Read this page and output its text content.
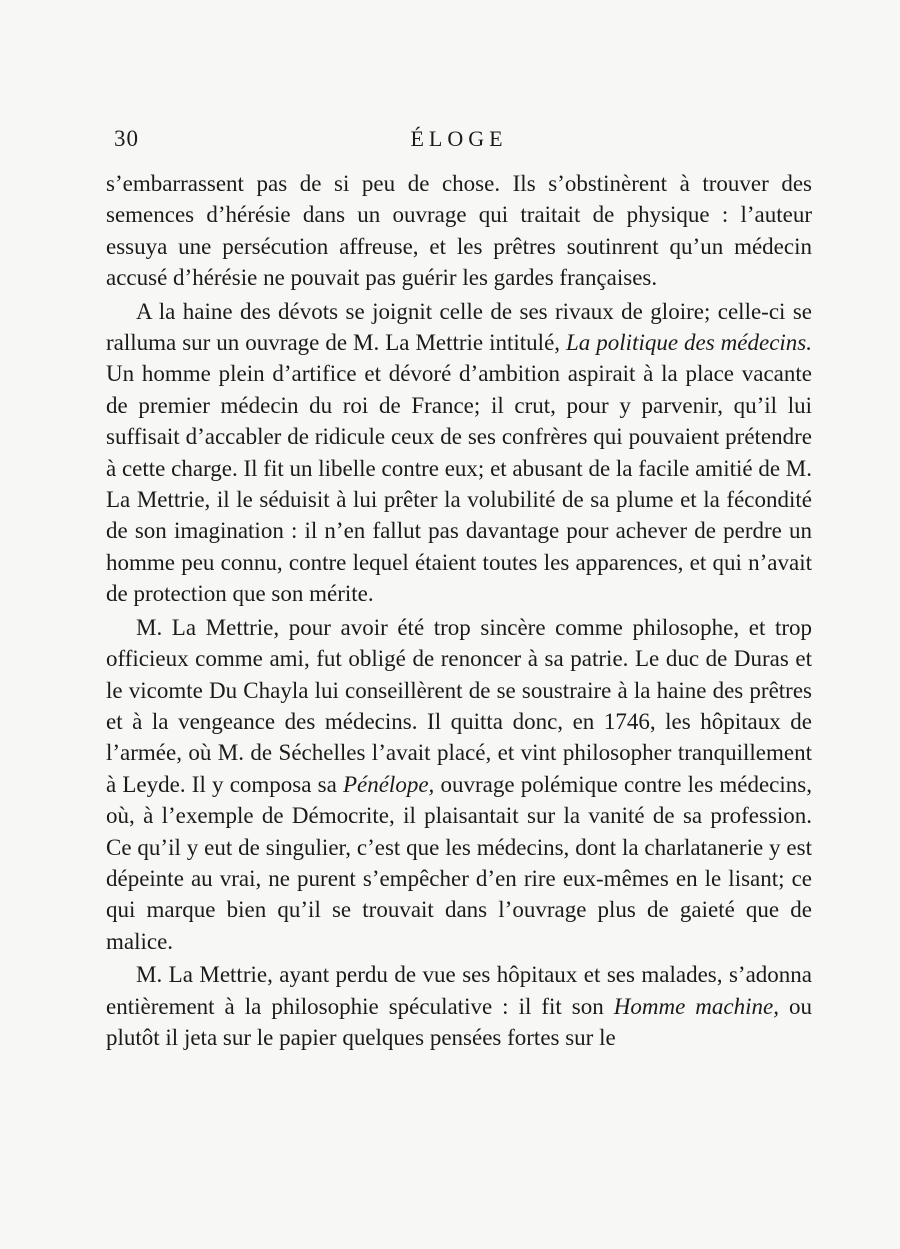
30	ÉLOGE

s’embarrassent pas de si peu de chose. Ils s’obstinèrent à trouver des semences d’hérésie dans un ouvrage qui traitait de physique : l’auteur essuya une persécution affreuse, et les prêtres soutinrent qu’un médecin accusé d’hérésie ne pouvait pas guérir les gardes françaises.

A la haine des dévots se joignit celle de ses rivaux de gloire; celle-ci se ralluma sur un ouvrage de M. La Mettrie intitulé, La politique des médecins. Un homme plein d’artifice et dévoré d’ambition aspirait à la place vacante de premier médecin du roi de France; il crut, pour y parvenir, qu’il lui suffisait d’accabler de ridicule ceux de ses confrères qui pouvaient prétendre à cette charge. Il fit un libelle contre eux; et abusant de la facile amitié de M. La Mettrie, il le séduisit à lui prêter la volubilité de sa plume et la fécondité de son imagination : il n’en fallut pas davantage pour achever de perdre un homme peu connu, contre lequel étaient toutes les apparences, et qui n’avait de protection que son mérite.

M. La Mettrie, pour avoir été trop sincère comme philosophe, et trop officieux comme ami, fut obligé de renoncer à sa patrie. Le duc de Duras et le vicomte Du Chayla lui conseillèrent de se soustraire à la haine des prêtres et à la vengeance des médecins. Il quitta donc, en 1746, les hôpitaux de l’armée, où M. de Séchelles l’avait placé, et vint philosopher tranquillement à Leyde. Il y composa sa Pénélope, ouvrage polémique contre les médecins, où, à l’exemple de Démocrite, il plaisantait sur la vanité de sa profession. Ce qu’il y eut de singulier, c’est que les médecins, dont la charlatanerie y est dépeinte au vrai, ne purent s’empêcher d’en rire eux-mêmes en le lisant; ce qui marque bien qu’il se trouvait dans l’ouvrage plus de gaieté que de malice.

M. La Mettrie, ayant perdu de vue ses hôpitaux et ses malades, s’adonna entièrement à la philosophie spéculative : il fit son Homme machine, ou plutôt il jeta sur le papier quelques pensées fortes sur le
